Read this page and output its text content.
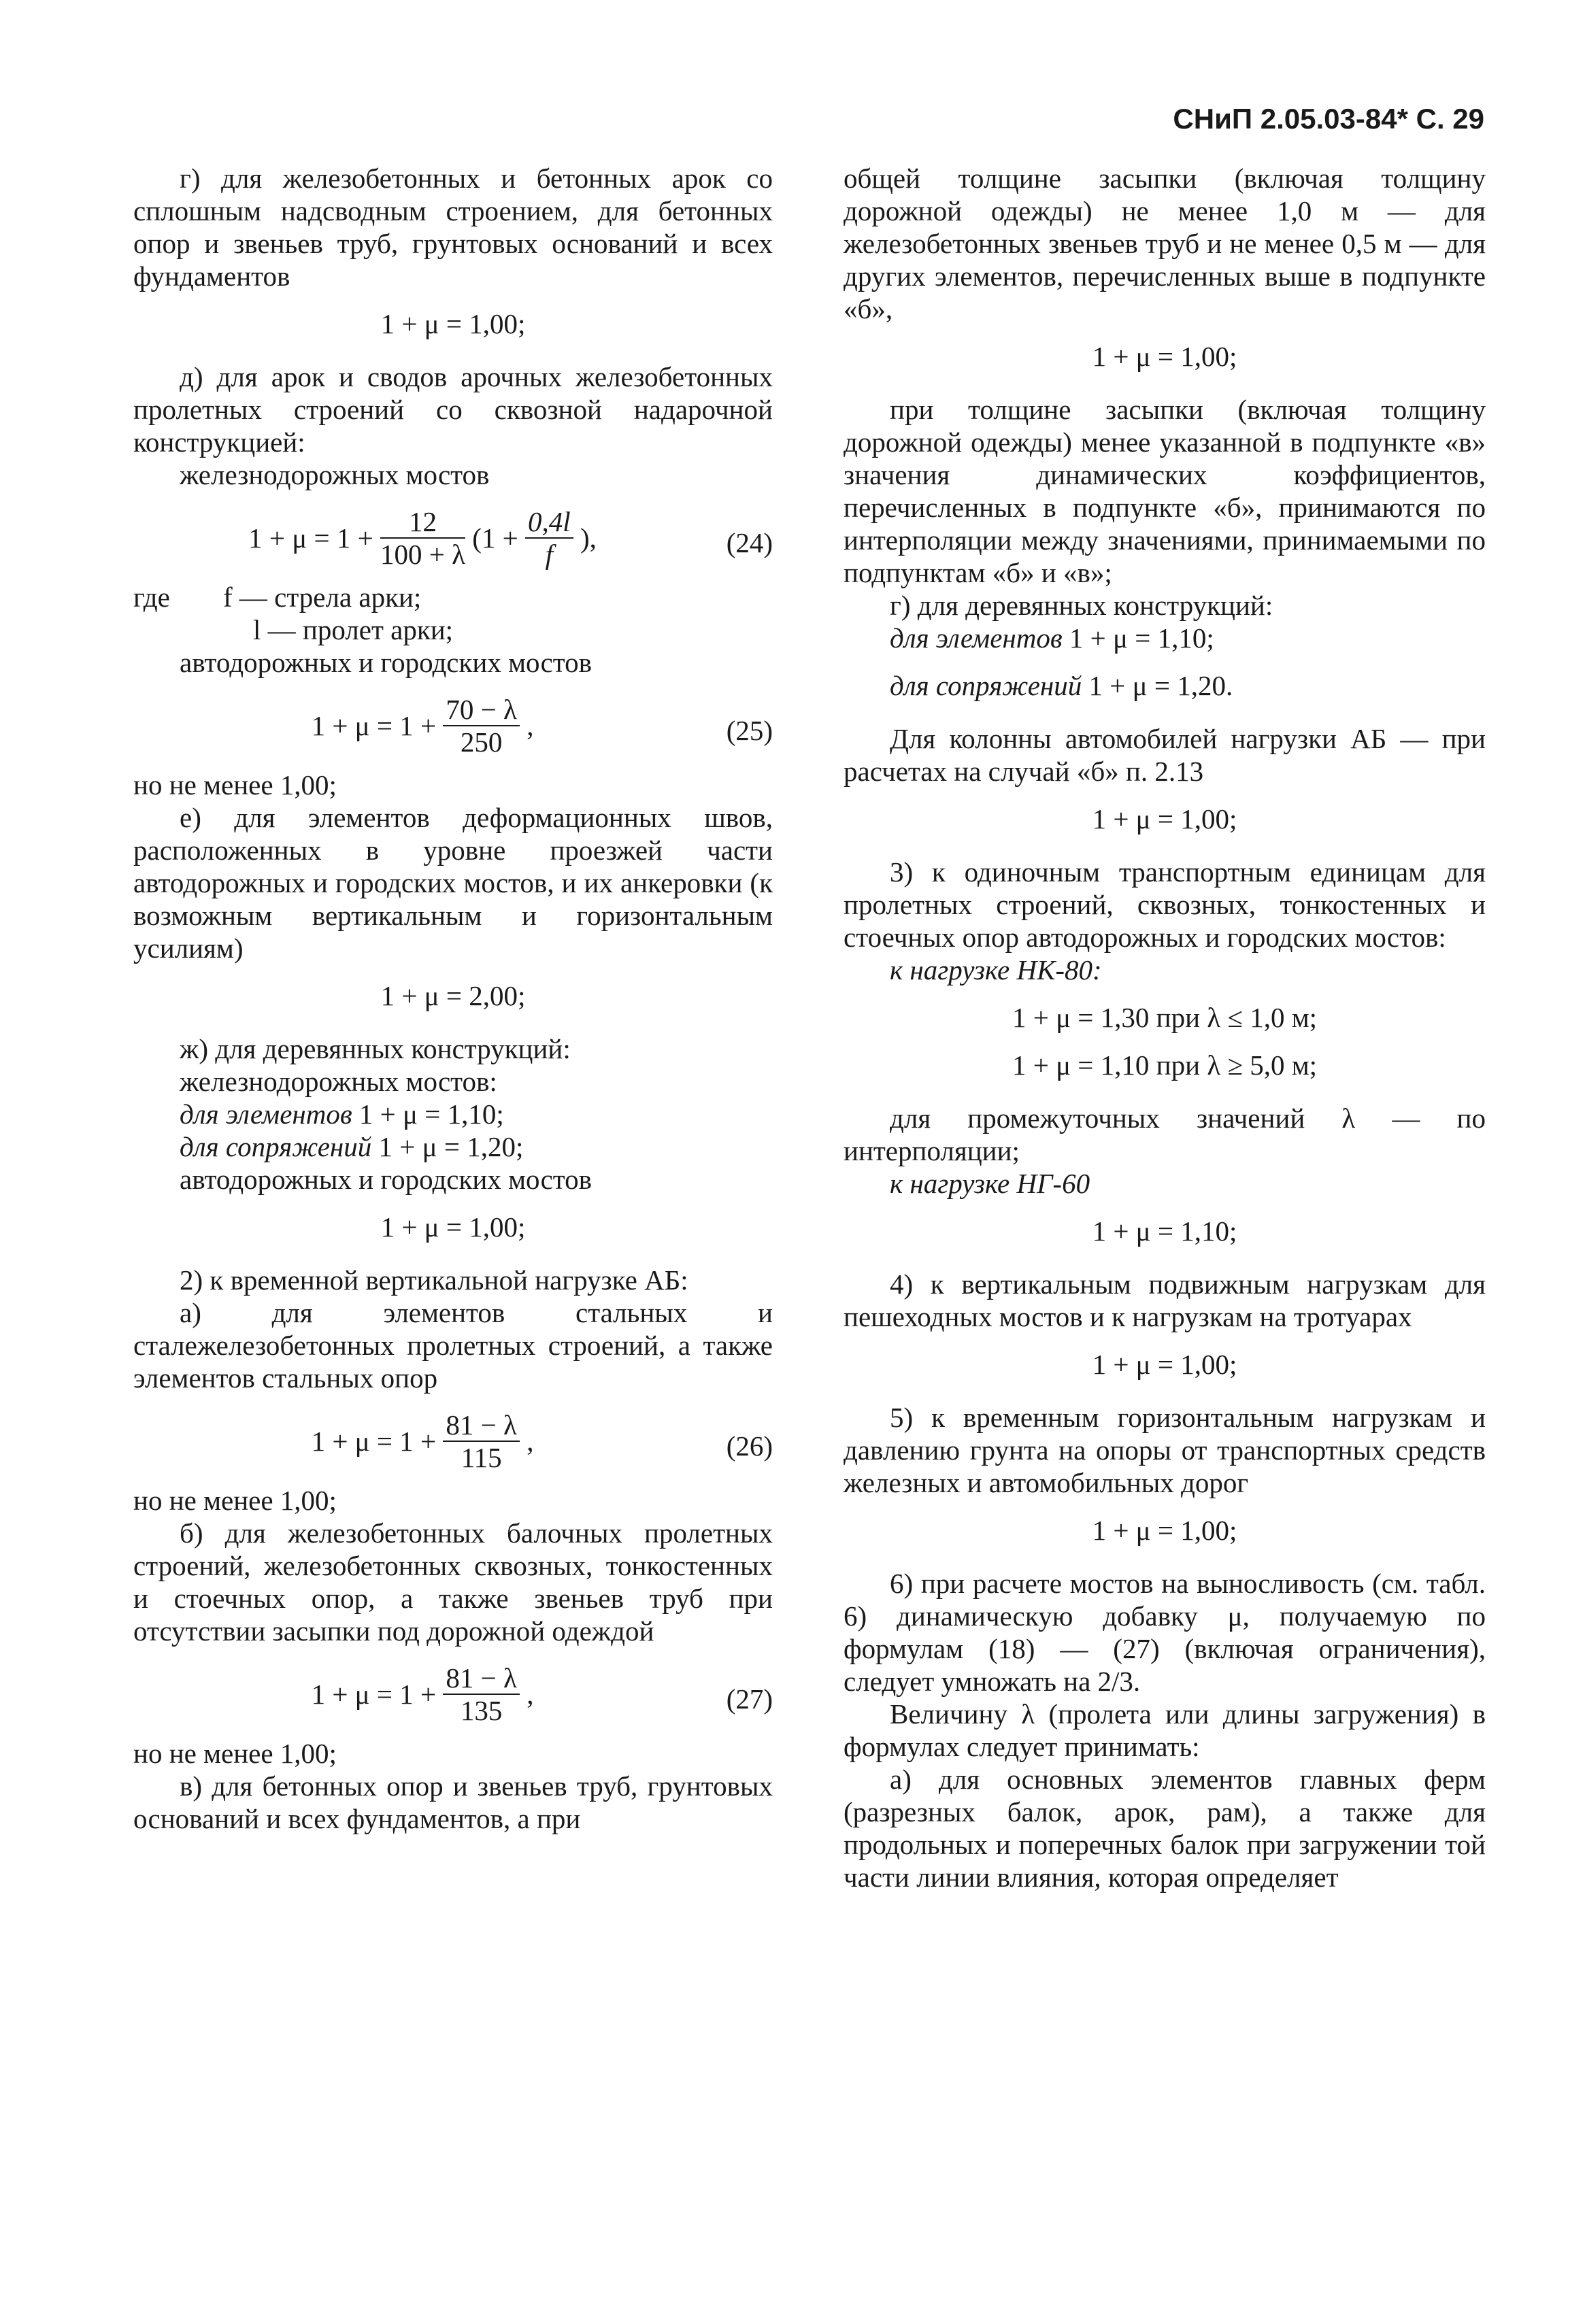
СНиП 2.05.03-84* С. 29

г) для железобетонных и бетонных арок со сплошным надсводным строением, для бетонных опор и звеньев труб, грунтовых оснований и всех фундаментов

1 + μ = 1,00;

д) для арок и сводов арочных железобетонных пролетных строений со сквозной надарочной конструкцией:

железнодорожных мостов

$1 + \mu = 1 + \frac{12}{100 + \lambda} (1 + \frac{0,4l}{f}$ ),	(24)
где	f — стрела арки;

l — пролет арки;

автодорожных и городских мостов

$1 + \mu = 1 + \frac{70 - \lambda}{250}$ ,	(25)

но не менее 1,00;

е) для элементов деформационных швов, расположенных в уровне проезжей части автодорожных и городских мостов, и их анкеровки (к возможным вертикальным и горизонтальным усилиям)

1 + μ = 2,00;

ж) для деревянных конструкций:

железнодорожных мостов:

для элементов 1 + μ = 1,10;

для сопряжений 1 + μ = 1,20;

автодорожных и городских мостов

1 + μ = 1,00;

2) к временной вертикальной нагрузке АБ:

а) для элементов стальных и сталежелезобетонных пролетных строений, а также элементов стальных опор

$1 + \mu = 1 + \frac{81 - \lambda}{115}$ ,	(26)

но не менее 1,00;

б) для железобетонных балочных пролетных строений, железобетонных сквозных, тонкостенных и стоечных опор, а также звеньев труб при отсутствии засыпки под дорожной одеждой

$1 + \mu = 1 + \frac{81 - \lambda}{135}$ ,	(27)

но не менее 1,00;

в) для бетонных опор и звеньев труб, грунтовых оснований и всех фундаментов, а при

общей толщине засыпки (включая толщину дорожной одежды) не менее 1,0 м — для железобетонных звеньев труб и не менее 0,5 м — для других элементов, перечисленных выше в подпункте «б»,

1 + μ = 1,00;

при толщине засыпки (включая толщину дорожной одежды) менее указанной в подпункте «в» значения динамических коэффициентов, перечисленных в подпункте «б», принимаются по интерполяции между значениями, принимаемыми по подпунктам «б» и «в»;

г) для деревянных конструкций:

для элементов 1 + μ = 1,10;

для сопряжений 1 + μ = 1,20.

Для колонны автомобилей нагрузки АБ — при расчетах на случай «б» п. 2.13

1 + μ = 1,00;

3) к одиночным транспортным единицам для пролетных строений, сквозных, тонкостенных и стоечных опор автодорожных и городских мостов:

к нагрузке НК-80:

1 + μ = 1,30 при λ ≤ 1,0 м;

1 + μ = 1,10 при λ ≥ 5,0 м;

для промежуточных значений λ — по интерполяции;

к нагрузке НГ-60

1 + μ = 1,10;

4) к вертикальным подвижным нагрузкам для пешеходных мостов и к нагрузкам на тротуарах

1 + μ = 1,00;

5) к временным горизонтальным нагрузкам и давлению грунта на опоры от транспортных средств железных и автомобильных дорог

1 + μ = 1,00;

6) при расчете мостов на выносливость (см. табл. 6) динамическую добавку μ, получаемую по формулам (18) — (27) (включая ограничения), следует умножать на 2/3.

Величину λ (пролета или длины загружения) в формулах следует принимать:

а) для основных элементов главных ферм (разрезных балок, арок, рам), а также для продольных и поперечных балок при загружении той части линии влияния, которая определяет
